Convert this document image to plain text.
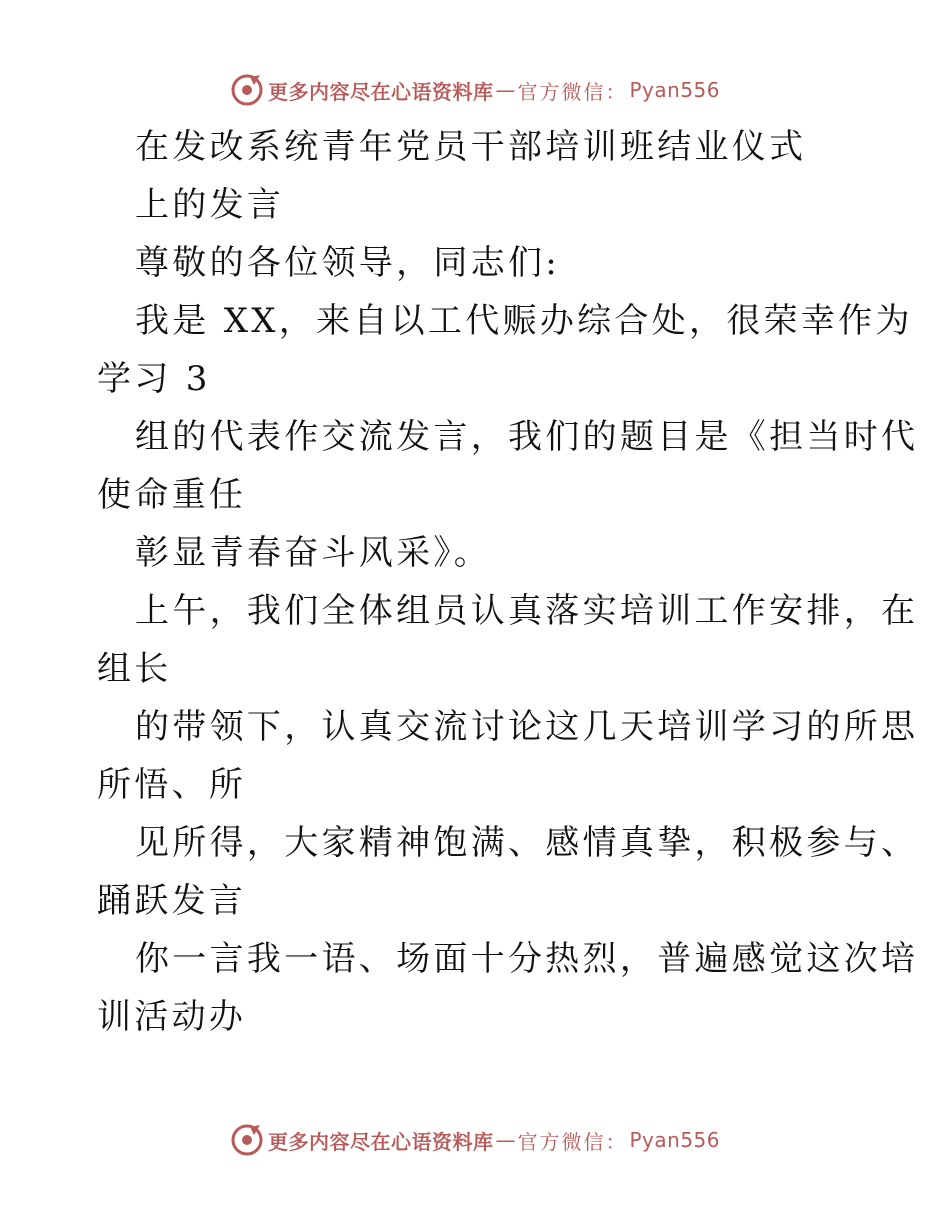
更多内容尽在心语资料库 — 官方微信： Pyan556
在发改系统青年党员干部培训班结业仪式
上的发言
尊敬的各位领导，同志们:
我是 XX，来自以工代赈办综合处，很荣幸作为
学习 3
组的代表作交流发言，我们的题目是《担当时代
使命重任
彰显青春奋斗风采》。
上午，我们全体组员认真落实培训工作安排，在
组长
的带领下，认真交流讨论这几天培训学习的所思
所悟、所
见所得，大家精神饱满、感情真挚，积极参与、
踊跃发言
你一言我一语、场面十分热烈，普遍感觉这次培
训活动办
更多内容尽在心语资料库 — 官方微信： Pyan556
